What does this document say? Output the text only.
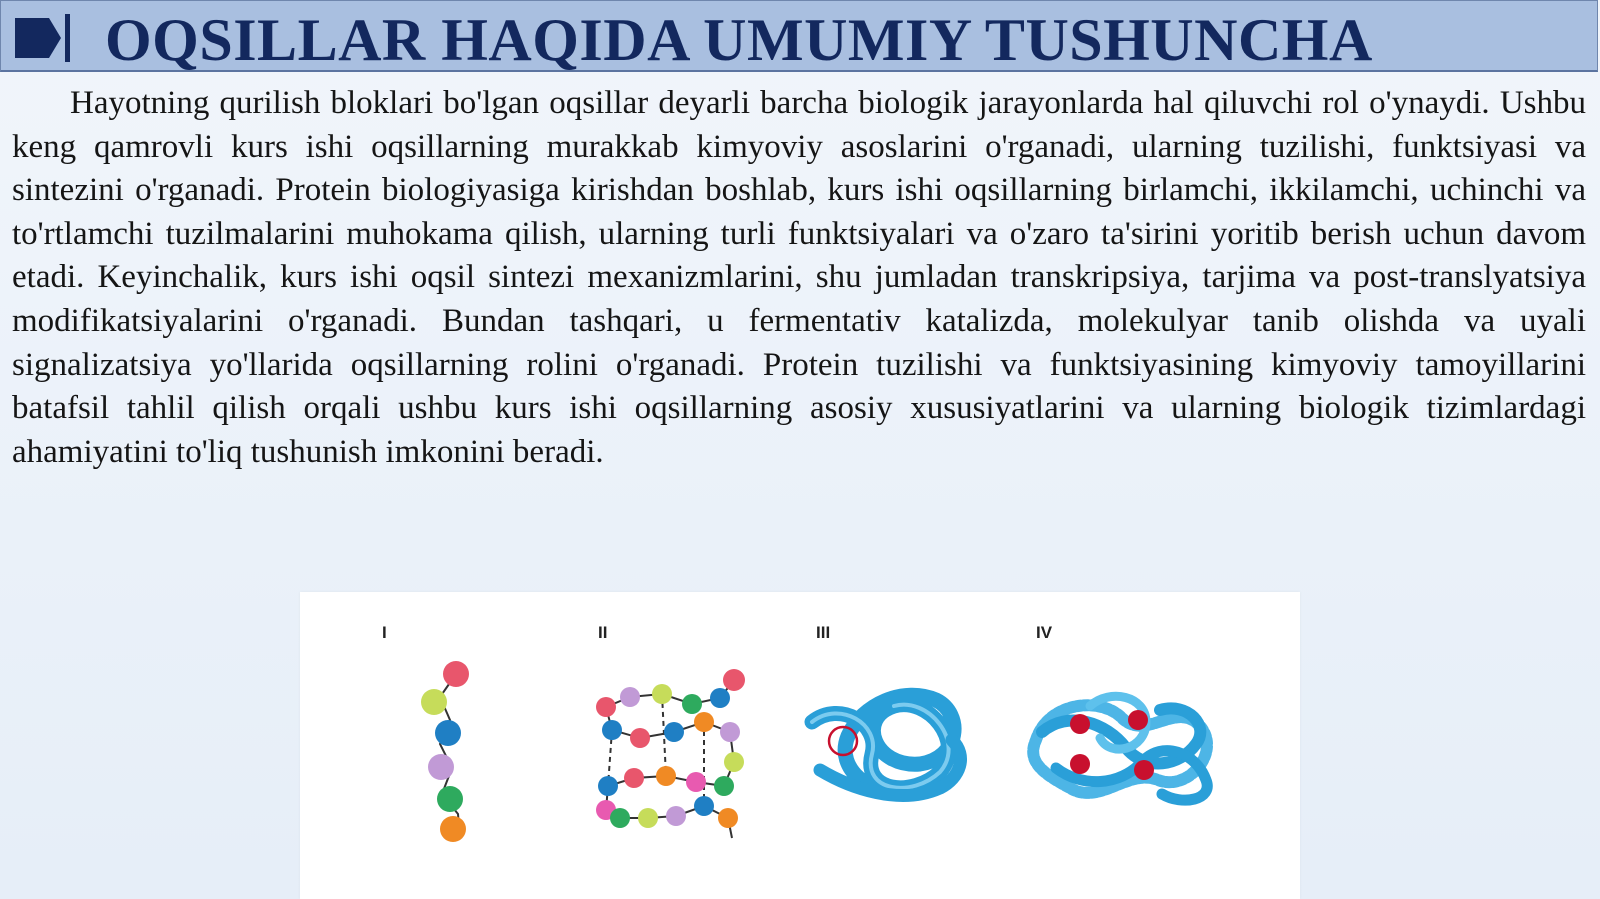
OQSILLAR HAQIDA UMUMIY TUSHUNCHA

Hayotning qurilish bloklari bo'lgan oqsillar deyarli barcha biologik jarayonlarda hal qiluvchi rol o'ynaydi. Ushbu keng qamrovli kurs ishi oqsillarning murakkab kimyoviy asoslarini o'rganadi, ularning tuzilishi, funktsiyasi va sintezini o'rganadi. Protein biologiyasiga kirishdan boshlab, kurs ishi oqsillarning birlamchi, ikkilamchi, uchinchi va to'rtlamchi tuzilmalarini muhokama qilish, ularning turli funktsiyalari va o'zaro ta'sirini yoritib berish uchun davom etadi. Keyinchalik, kurs ishi oqsil sintezi mexanizmlarini, shu jumladan transkripsiya, tarjima va post-translyatsiya modifikatsiyalarini o'rganadi. Bundan tashqari, u fermentativ katalizda, molekulyar tanib olishda va uyali signalizatsiya yo'llarida oqsillarning rolini o'rganadi. Protein tuzilishi va funktsiyasining kimyoviy tamoyillarini batafsil tahlil qilish orqali ushbu kurs ishi oqsillarning asosiy xususiyatlarini va ularning biologik tizimlardagi ahamiyatini to'liq tushunish imkonini beradi.

I	II	III	IV
